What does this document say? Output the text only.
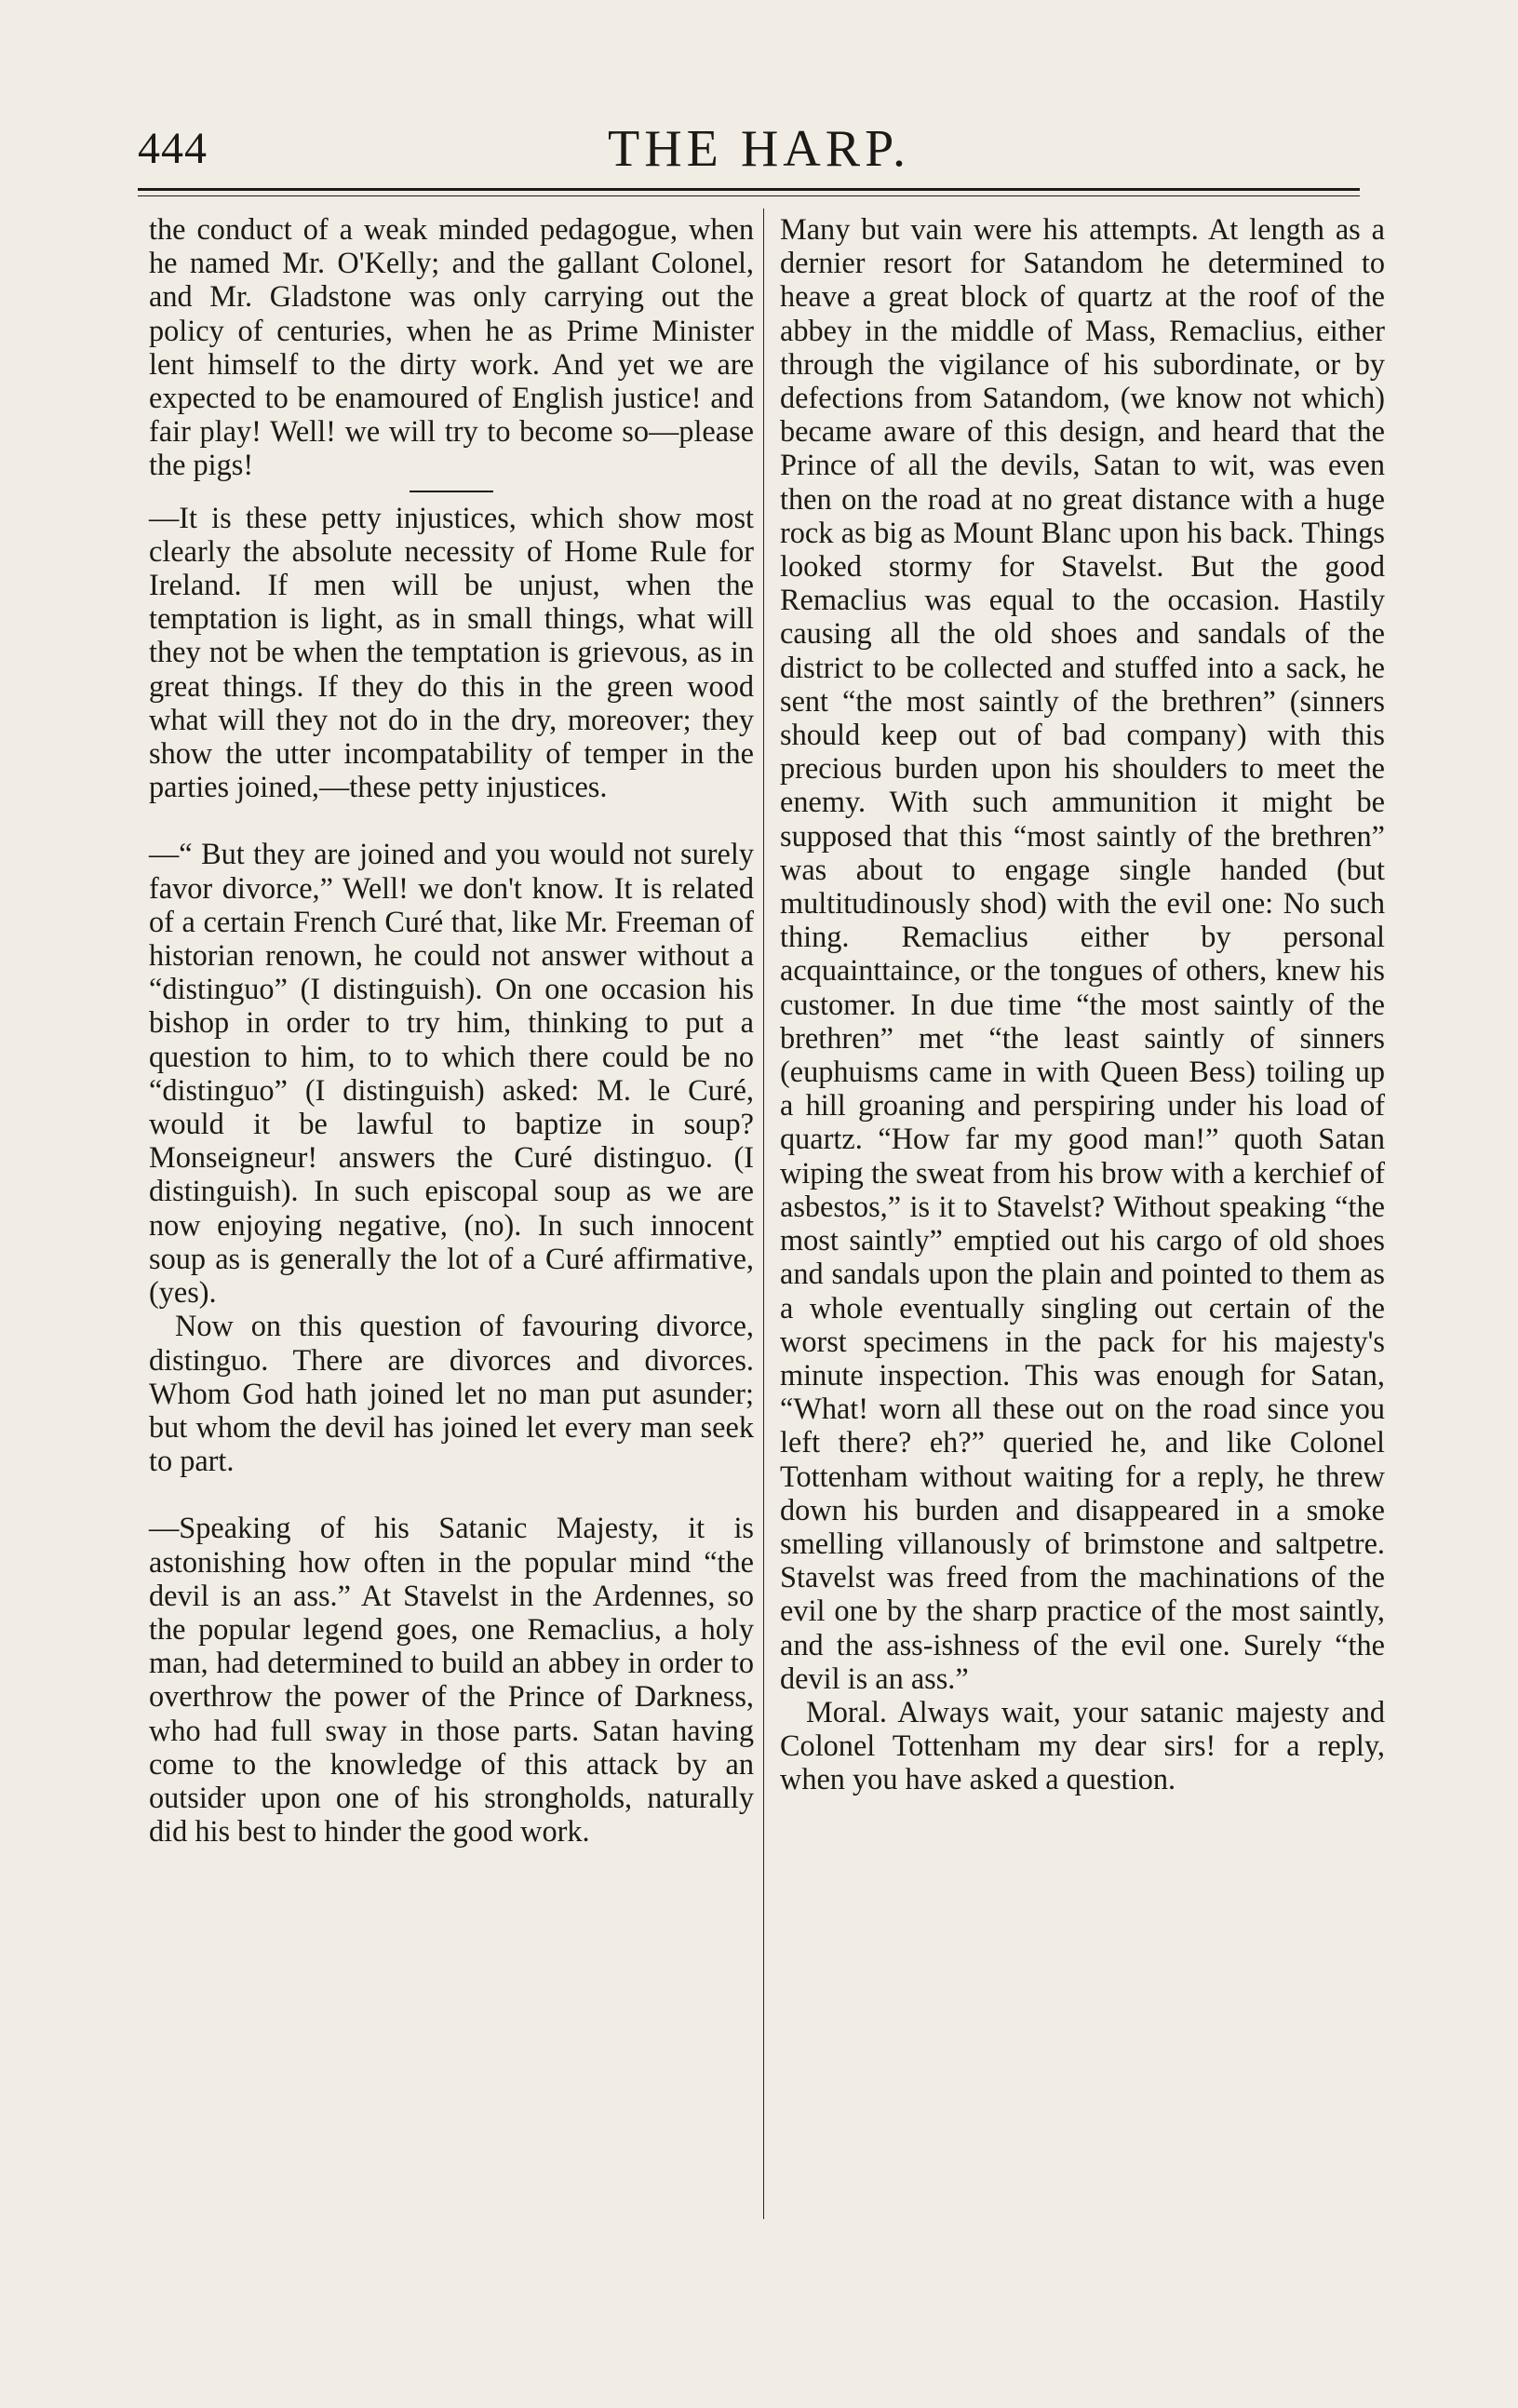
444	THE HARP.

the conduct of a weak minded pedagogue, when he named Mr. O'Kelly; and the gallant Colonel, and Mr. Gladstone was only carrying out the policy of centuries, when he as Prime Minister lent himself to the dirty work. And yet we are expected to be enamoured of English justice! and fair play! Well! we will try to become so—please the pigs!

—It is these petty injustices, which show most clearly the absolute necessity of Home Rule for Ireland. If men will be unjust, when the temptation is light, as in small things, what will they not be when the temptation is grievous, as in great things. If they do this in the green wood what will they not do in the dry, moreover; they show the utter incompatability of temper in the parties joined,—these petty injustices.

—“ But they are joined and you would not surely favor divorce,” Well! we don't know. It is related of a certain French Curé that, like Mr. Freeman of historian renown, he could not answer without a “distinguo” (I distinguish). On one occasion his bishop in order to try him, thinking to put a question to him, to to which there could be no “distinguo” (I distinguish) asked: M. le Curé, would it be lawful to baptize in soup? Monseigneur! answers the Curé distinguo. (I distinguish). In such episcopal soup as we are now enjoying negative, (no). In such innocent soup as is generally the lot of a Curé affirmative, (yes).

Now on this question of favouring divorce, distinguo. There are divorces and divorces. Whom God hath joined let no man put asunder; but whom the devil has joined let every man seek to part.

—Speaking of his Satanic Majesty, it is astonishing how often in the popular mind “the devil is an ass.” At Stavelst in the Ardennes, so the popular legend goes, one Remaclius, a holy man, had determined to build an abbey in order to overthrow the power of the Prince of Darkness, who had full sway in those parts. Satan having come to the knowledge of this attack by an outsider upon one of his strongholds, naturally did his best to hinder the good work.

Many but vain were his attempts. At length as a dernier resort for Satandom he determined to heave a great block of quartz at the roof of the abbey in the middle of Mass, Remaclius, either through the vigilance of his subordinate, or by defections from Satandom, (we know not which) became aware of this design, and heard that the Prince of all the devils, Satan to wit, was even then on the road at no great distance with a huge rock as big as Mount Blanc upon his back. Things looked stormy for Stavelst. But the good Remaclius was equal to the occasion. Hastily causing all the old shoes and sandals of the district to be collected and stuffed into a sack, he sent “the most saintly of the brethren” (sinners should keep out of bad company) with this precious burden upon his shoulders to meet the enemy. With such ammunition it might be supposed that this “most saintly of the brethren” was about to engage single handed (but multitudinously shod) with the evil one: No such thing. Remaclius either by personal acquainttaince, or the tongues of others, knew his customer. In due time “the most saintly of the brethren” met “the least saintly of sinners (euphuisms came in with Queen Bess) toiling up a hill groaning and perspiring under his load of quartz. “How far my good man!” quoth Satan wiping the sweat from his brow with a kerchief of asbestos,” is it to Stavelst? Without speaking “the most saintly” emptied out his cargo of old shoes and sandals upon the plain and pointed to them as a whole eventually singling out certain of the worst specimens in the pack for his majesty's minute inspection. This was enough for Satan, “What! worn all these out on the road since you left there? eh?” queried he, and like Colonel Tottenham without waiting for a reply, he threw down his burden and disappeared in a smoke smelling villanously of brimstone and saltpetre. Stavelst was freed from the machinations of the evil one by the sharp practice of the most saintly, and the ass-ishness of the evil one. Surely “the devil is an ass.”

Moral. Always wait, your satanic majesty and Colonel Tottenham my dear sirs! for a reply, when you have asked a question.
